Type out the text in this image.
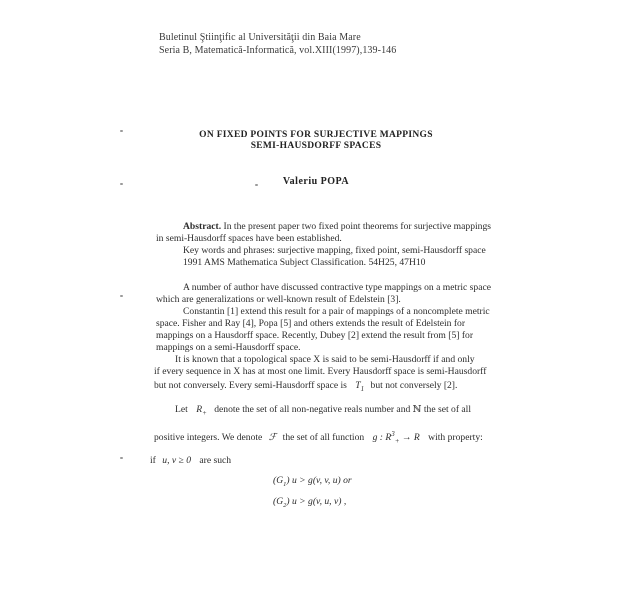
Buletinul Ştiinţific al Universităţii din Baia Mare
Seria B, Matematică-Informatică, vol.XIII(1997),139-146
ON FIXED POINTS FOR SURJECTIVE MAPPINGS
SEMI-HAUSDORFF SPACES
Valeriu POPA
Abstract. In the present paper two fixed point theorems for surjective mappings
in semi-Hausdorff spaces have been established.
Key words and phrases: surjective mapping, fixed point, semi-Hausdorff space
1991 AMS Mathematica Subject Classification. 54H25, 47H10
A number of author have discussed contractive type mappings on a metric space
which are generalizations or well-known result of Edelstein [3].
Constantin [1] extend this result for a pair of mappings of a noncomplete metric
space. Fisher and Ray [4], Popa [5] and others extends the result of Edelstein for
mappings on a Hausdorff space. Recently, Dubey [2] extend the result from [5] for
mappings on a semi-Hausdorff space.
It is known that a topological space X is said to be semi-Hausdorff if and only
if every sequence in X has at most one limit. Every Hausdorff space is semi-Hausdorff
but not conversely. Every semi-Hausdorff space is $T_1$ but not conversely [2].
Let $R_+$ denote the set of all non-negative reals number and ℕ the set of all
positive integers. We denote ℱ the set of all function g : $R^3_+ \to R$ with property:
if u, v ≥ 0 are such
$(G_1) u > g(v$, v, u) or
$(G_2) u > g(v$, u, v) ,
